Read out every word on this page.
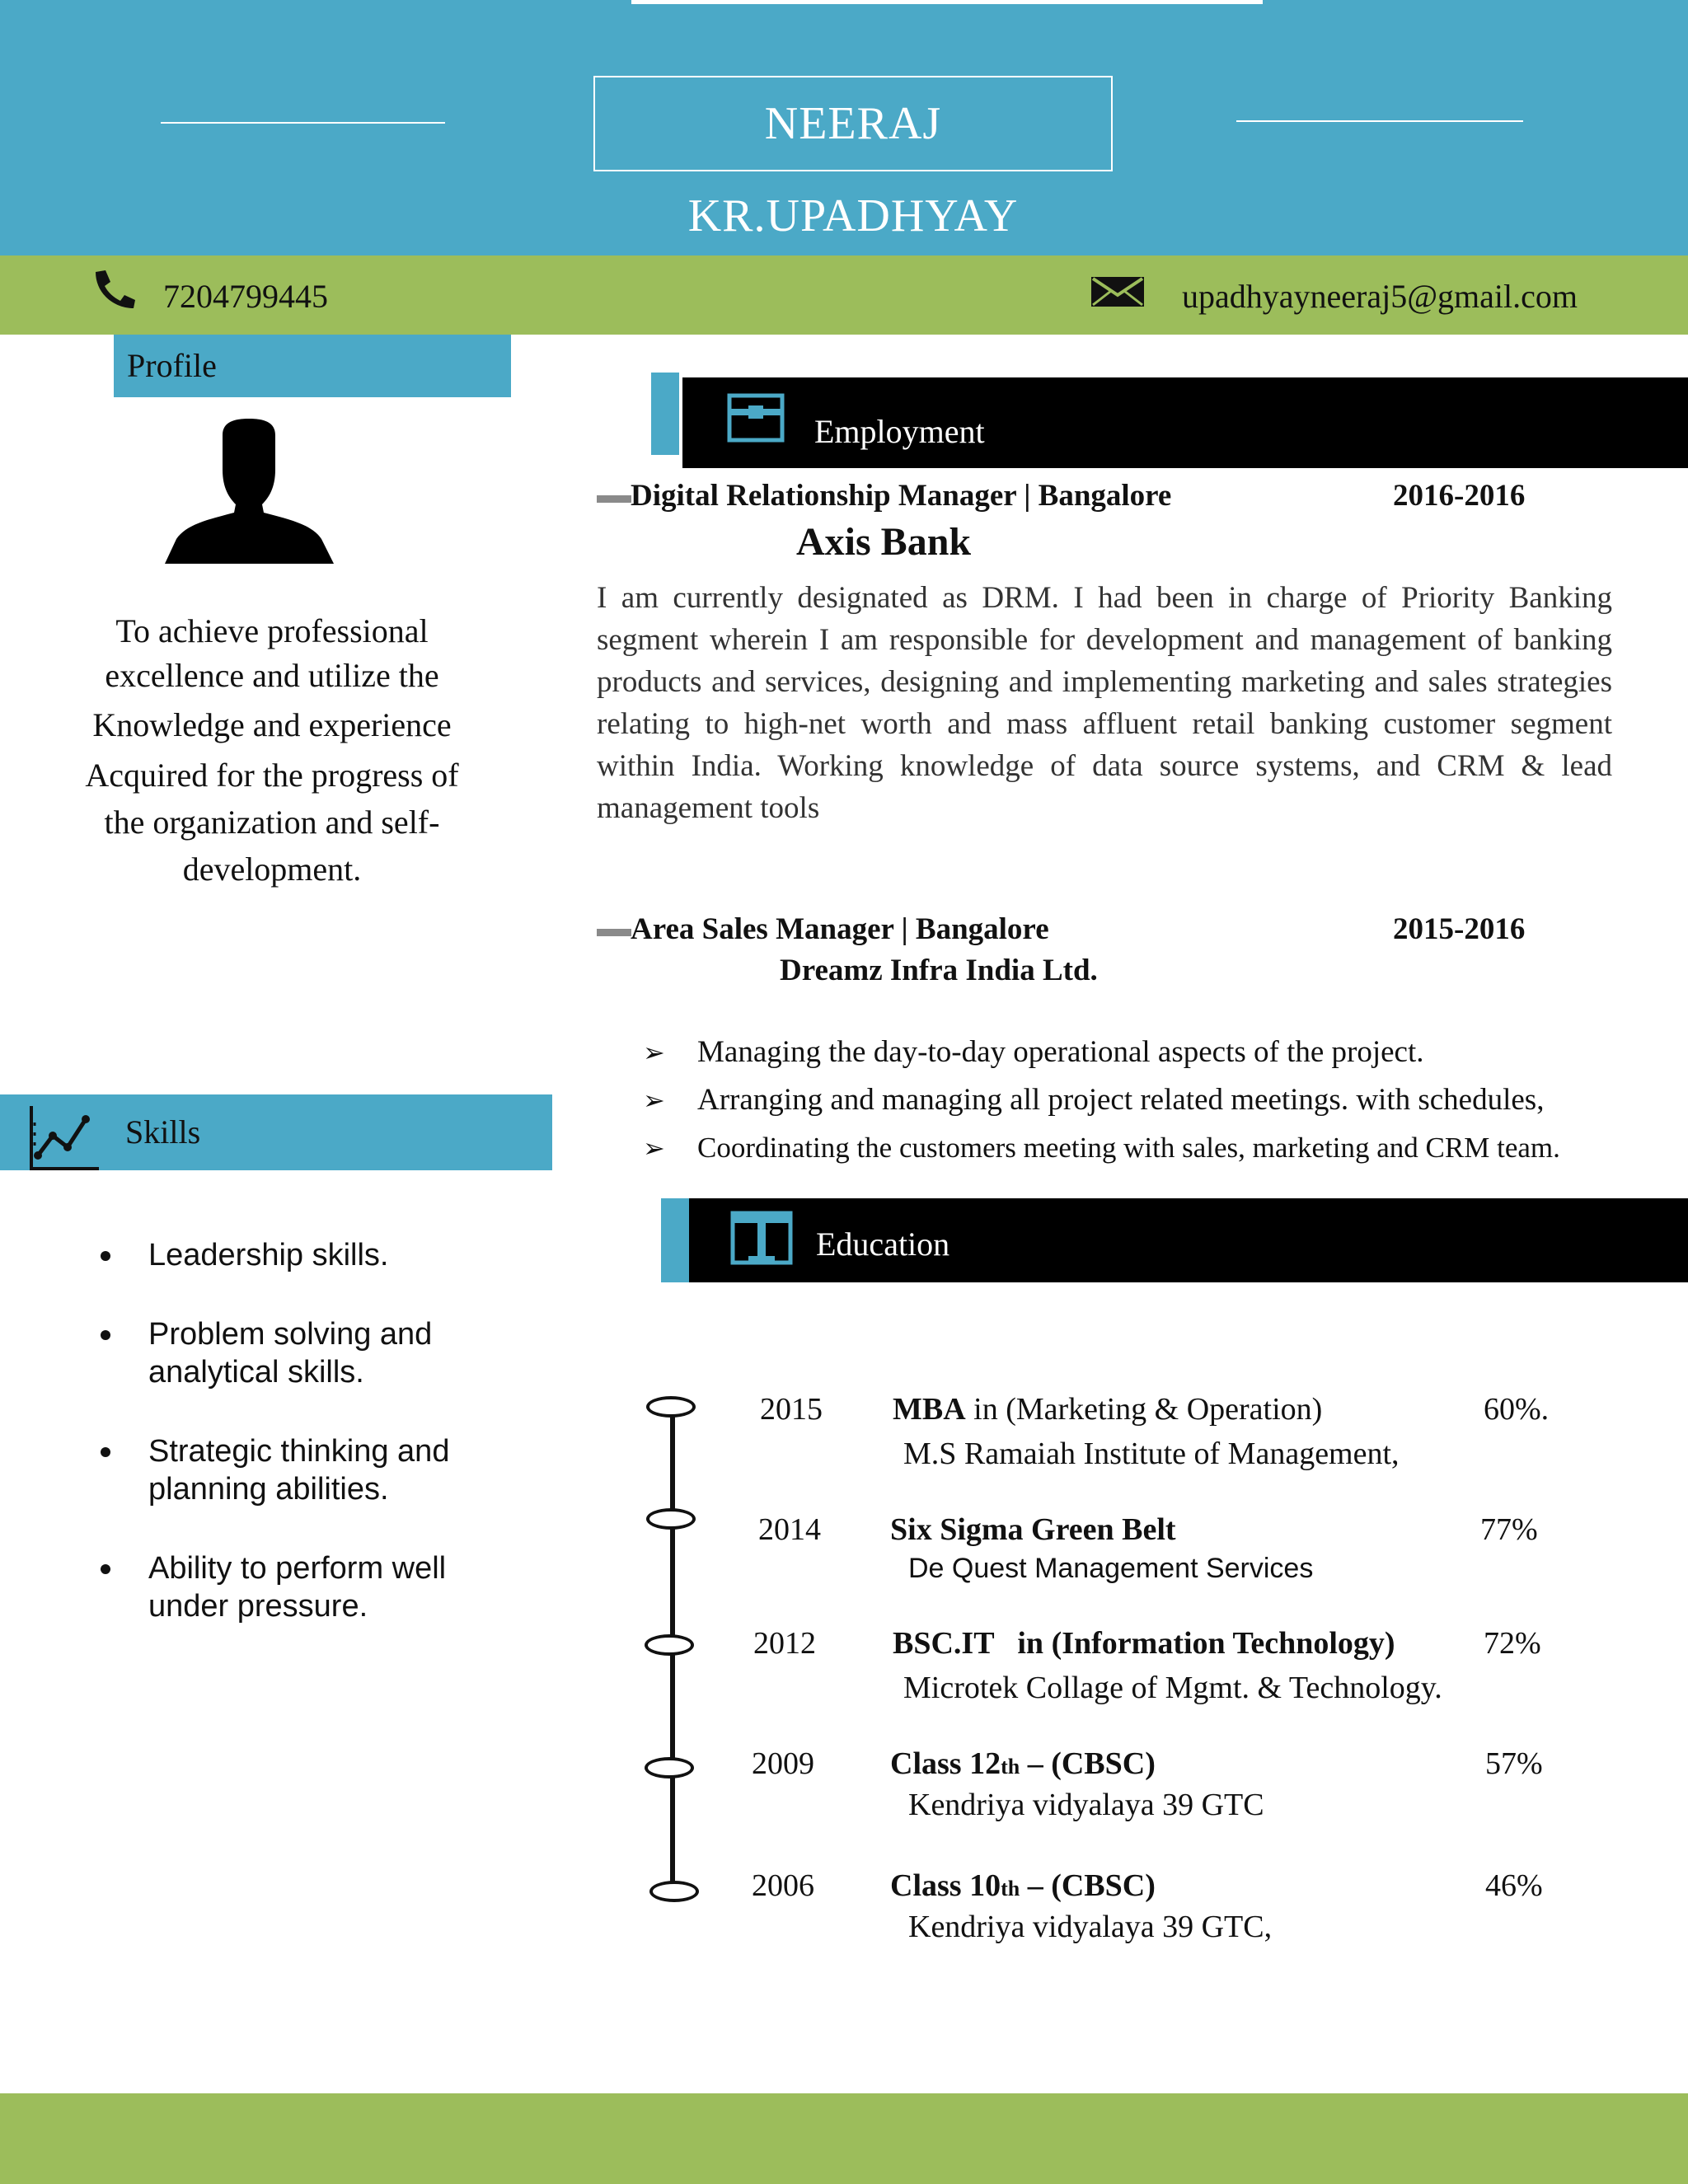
NEERAJ KR.UPADHYAY
7204799445	upadhyayneeraj5@gmail.com
Profile
To achieve professional
excellence and utilize the
Knowledge and experience
Acquired for the progress of
the organization and self-
development.
Skills
Leadership skills.
Problem solving and
analytical skills.
Strategic thinking and
planning abilities.
Ability to perform well
under pressure.
Employment
Digital Relationship Manager | Bangalore	2016-2016
Axis Bank
I am currently designated as DRM. I had been in charge of Priority Banking segment wherein I am responsible for development and management of banking products and services, designing and implementing marketing and sales strategies relating to high-net worth and mass affluent retail banking customer segment within India. Working knowledge of data source systems, and CRM & lead management tools
Area Sales Manager | Bangalore	2015-2016
Dreamz Infra India Ltd.
➢ Managing the day-to-day operational aspects of the project.
➢ Arranging and managing all project related meetings. with schedules,
➢ Coordinating the customers meeting with sales, marketing and CRM team.
Education
2015 MBA in (Marketing & Operation)	60%.
M.S Ramaiah Institute of Management,
2014 Six Sigma Green Belt	77%
De Quest Management Services
2012 BSC.IT   in (Information Technology)	72%
Microtek Collage of Mgmt. & Technology.
2009 Class 12th – (CBSC)	57%
Kendriya vidyalaya 39 GTC
2006 Class 10th – (CBSC)	46%
Kendriya vidyalaya 39 GTC,
